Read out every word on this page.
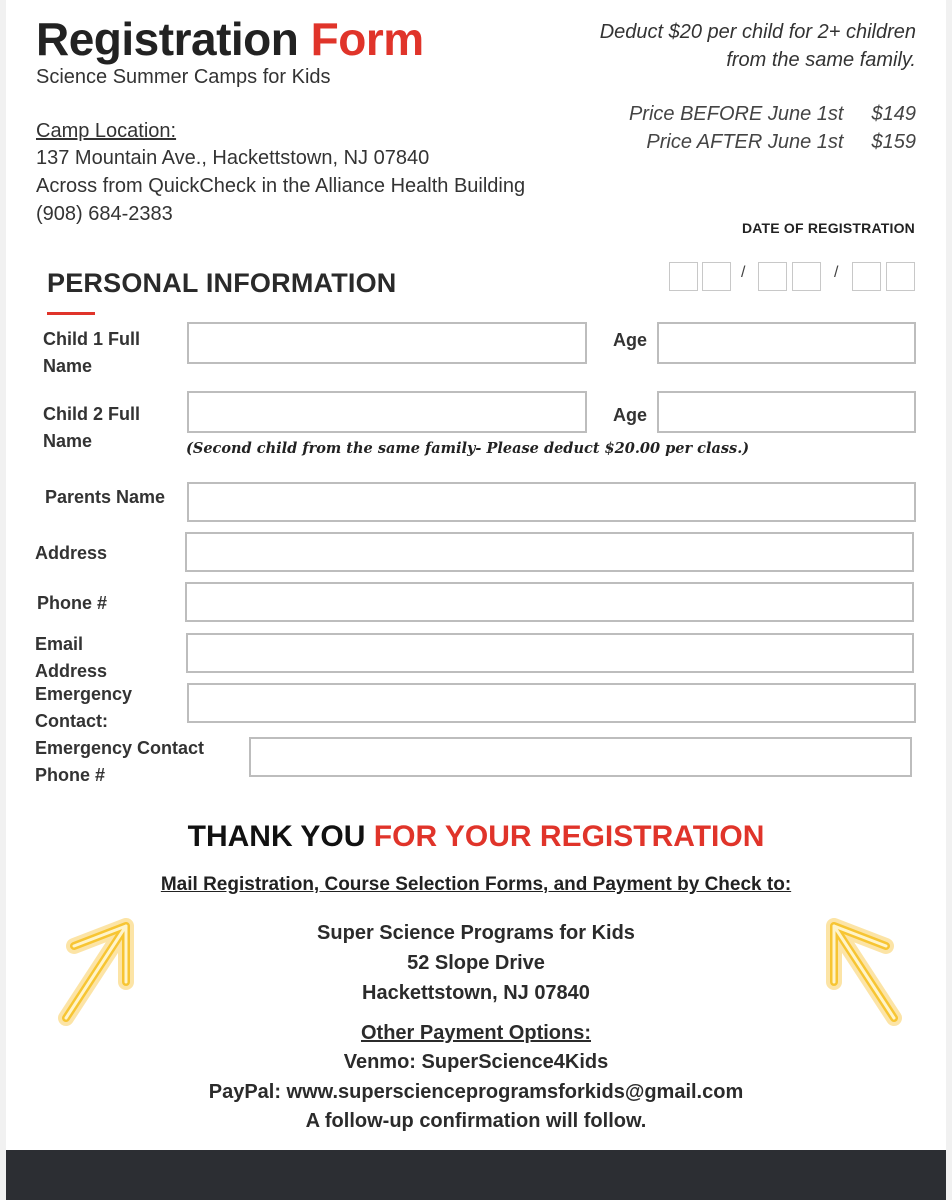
Registration Form
Science Summer Camps for Kids
Deduct $20 per child for 2+ children
from the same family.
Price BEFORE June 1st $149
Price AFTER June 1st $159
Camp Location:
137 Mountain Ave., Hackettstown, NJ 07840
Across from QuickCheck in the Alliance Health Building
(908) 684-2383
DATE OF REGISTRATION
/	/
PERSONAL INFORMATION
Child 1 Full
Name
Age
Child 2 Full
Name
Age
(Second child from the same family- Please deduct $20.00 per class.)
Parents Name
Address
Phone #
Email
Address
Emergency
Contact:
Emergency Contact
Phone #
THANK YOU FOR YOUR REGISTRATION
Mail Registration, Course Selection Forms, and Payment by Check to:
Super Science Programs for Kids
52 Slope Drive
Hackettstown, NJ 07840
Other Payment Options:
Venmo: SuperScience4Kids
PayPal: www.superscienceprogramsforkids@gmail.com
A follow-up confirmation will follow.
